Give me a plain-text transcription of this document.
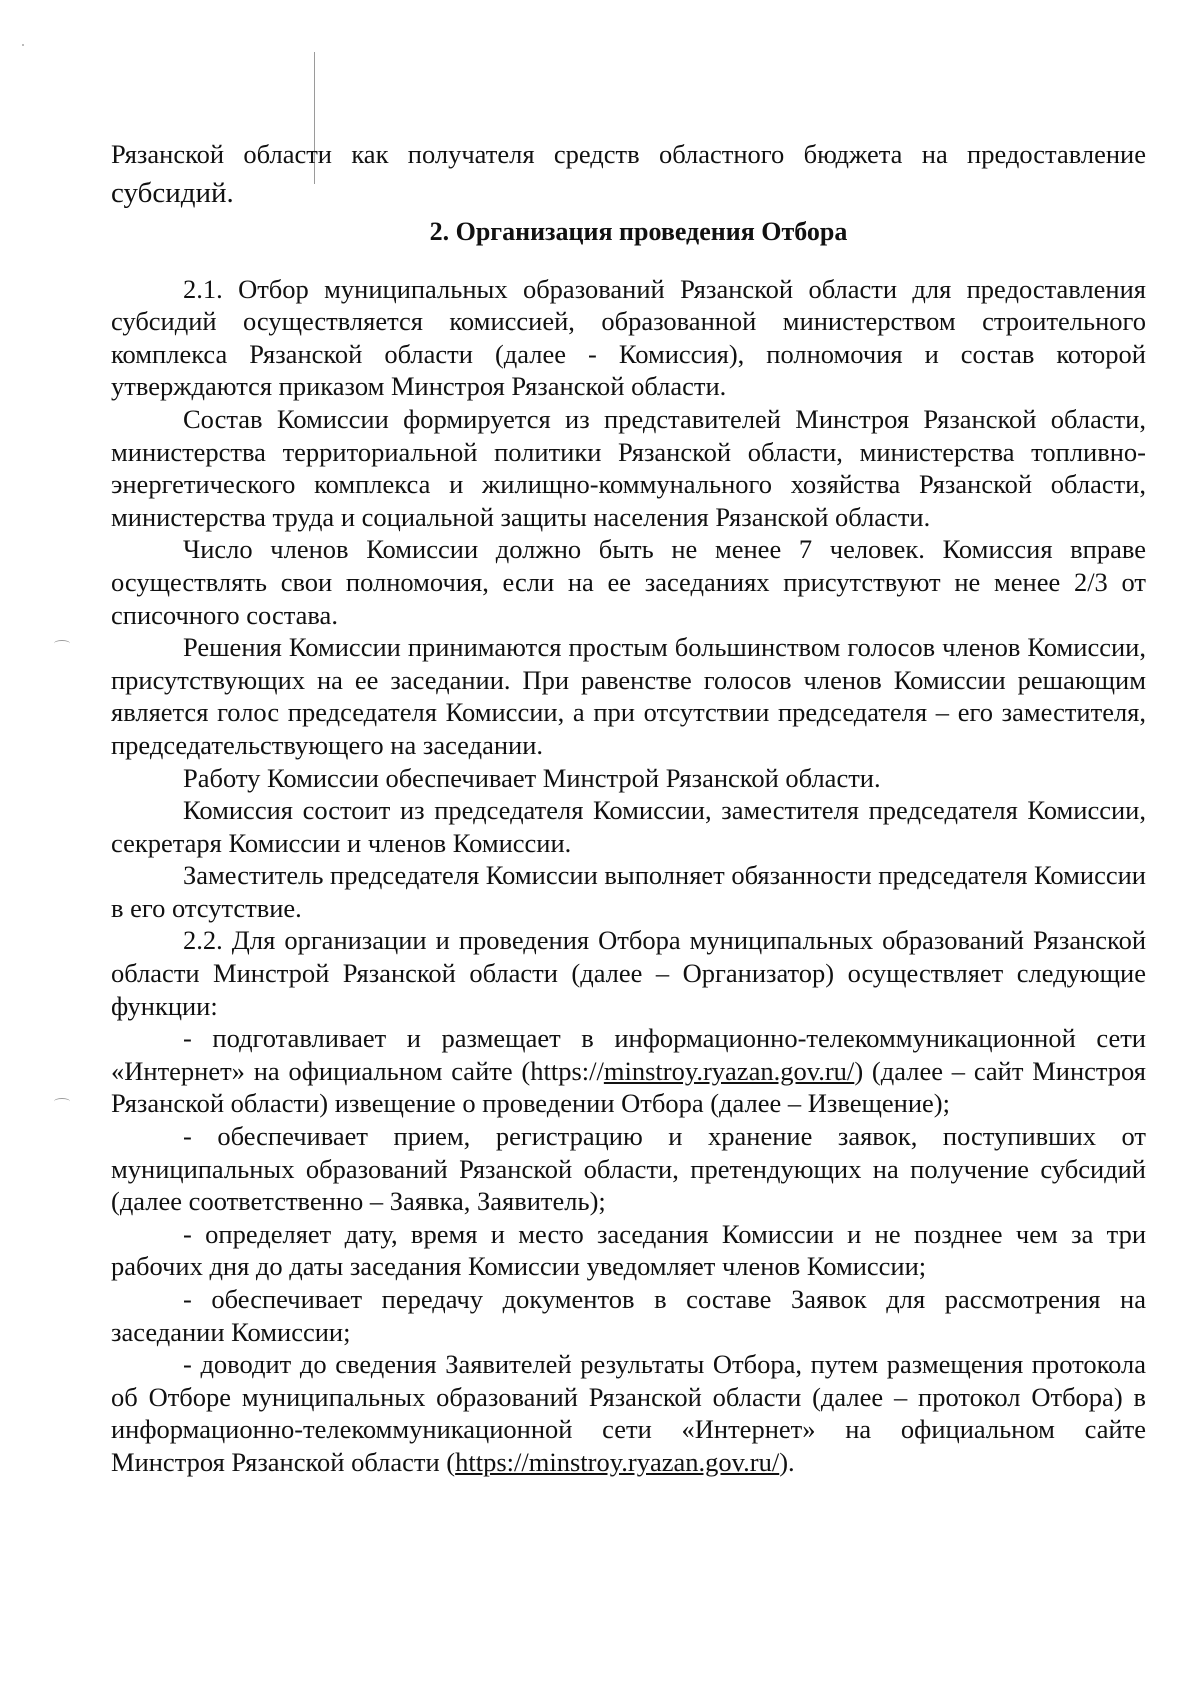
Рязанской области как получателя средств областного бюджета на предоставление

субсидий.

2. Организация проведения Отбора

2.1. Отбор муниципальных образований Рязанской области для предоставления субсидий осуществляется комиссией, образованной министерством строительного комплекса Рязанской области (далее - Комиссия), полномочия и состав которой утверждаются приказом Минстроя Рязанской области.

Состав Комиссии формируется из представителей Минстроя Рязанской области, министерства территориальной политики Рязанской области, министерства топливно-энергетического комплекса и жилищно-коммунального хозяйства Рязанской области, министерства труда и социальной защиты населения Рязанской области.

Число членов Комиссии должно быть не менее 7 человек. Комиссия вправе осуществлять свои полномочия, если на ее заседаниях присутствуют не менее 2/3 от списочного состава.

Решения Комиссии принимаются простым большинством голосов членов Комиссии, присутствующих на ее заседании. При равенстве голосов членов Комиссии решающим является голос председателя Комиссии, а при отсутствии председателя – его заместителя, председательствующего на заседании.

Работу Комиссии обеспечивает Минстрой Рязанской области.

Комиссия состоит из председателя Комиссии, заместителя председателя Комиссии, секретаря Комиссии и членов Комиссии.

Заместитель председателя Комиссии выполняет обязанности председателя Комиссии в его отсутствие.

2.2. Для организации и проведения Отбора муниципальных образований Рязанской области Минстрой Рязанской области (далее – Организатор) осуществляет следующие функции:

- подготавливает и размещает в информационно-телекоммуникационной сети «Интернет» на официальном сайте (https://minstroy.ryazan.gov.ru/) (далее – сайт Минстроя Рязанской области) извещение о проведении Отбора (далее – Извещение);

- обеспечивает прием, регистрацию и хранение заявок, поступивших от муниципальных образований Рязанской области, претендующих на получение субсидий (далее соответственно – Заявка, Заявитель);

- определяет дату, время и место заседания Комиссии и не позднее чем за три рабочих дня до даты заседания Комиссии уведомляет членов Комиссии;

- обеспечивает передачу документов в составе Заявок для рассмотрения на заседании Комиссии;

- доводит до сведения Заявителей результаты Отбора, путем размещения протокола об Отборе муниципальных образований Рязанской области (далее – протокол Отбора) в информационно-телекоммуникационной сети «Интернет» на официальном сайте Минстроя Рязанской области (https://minstroy.ryazan.gov.ru/).
